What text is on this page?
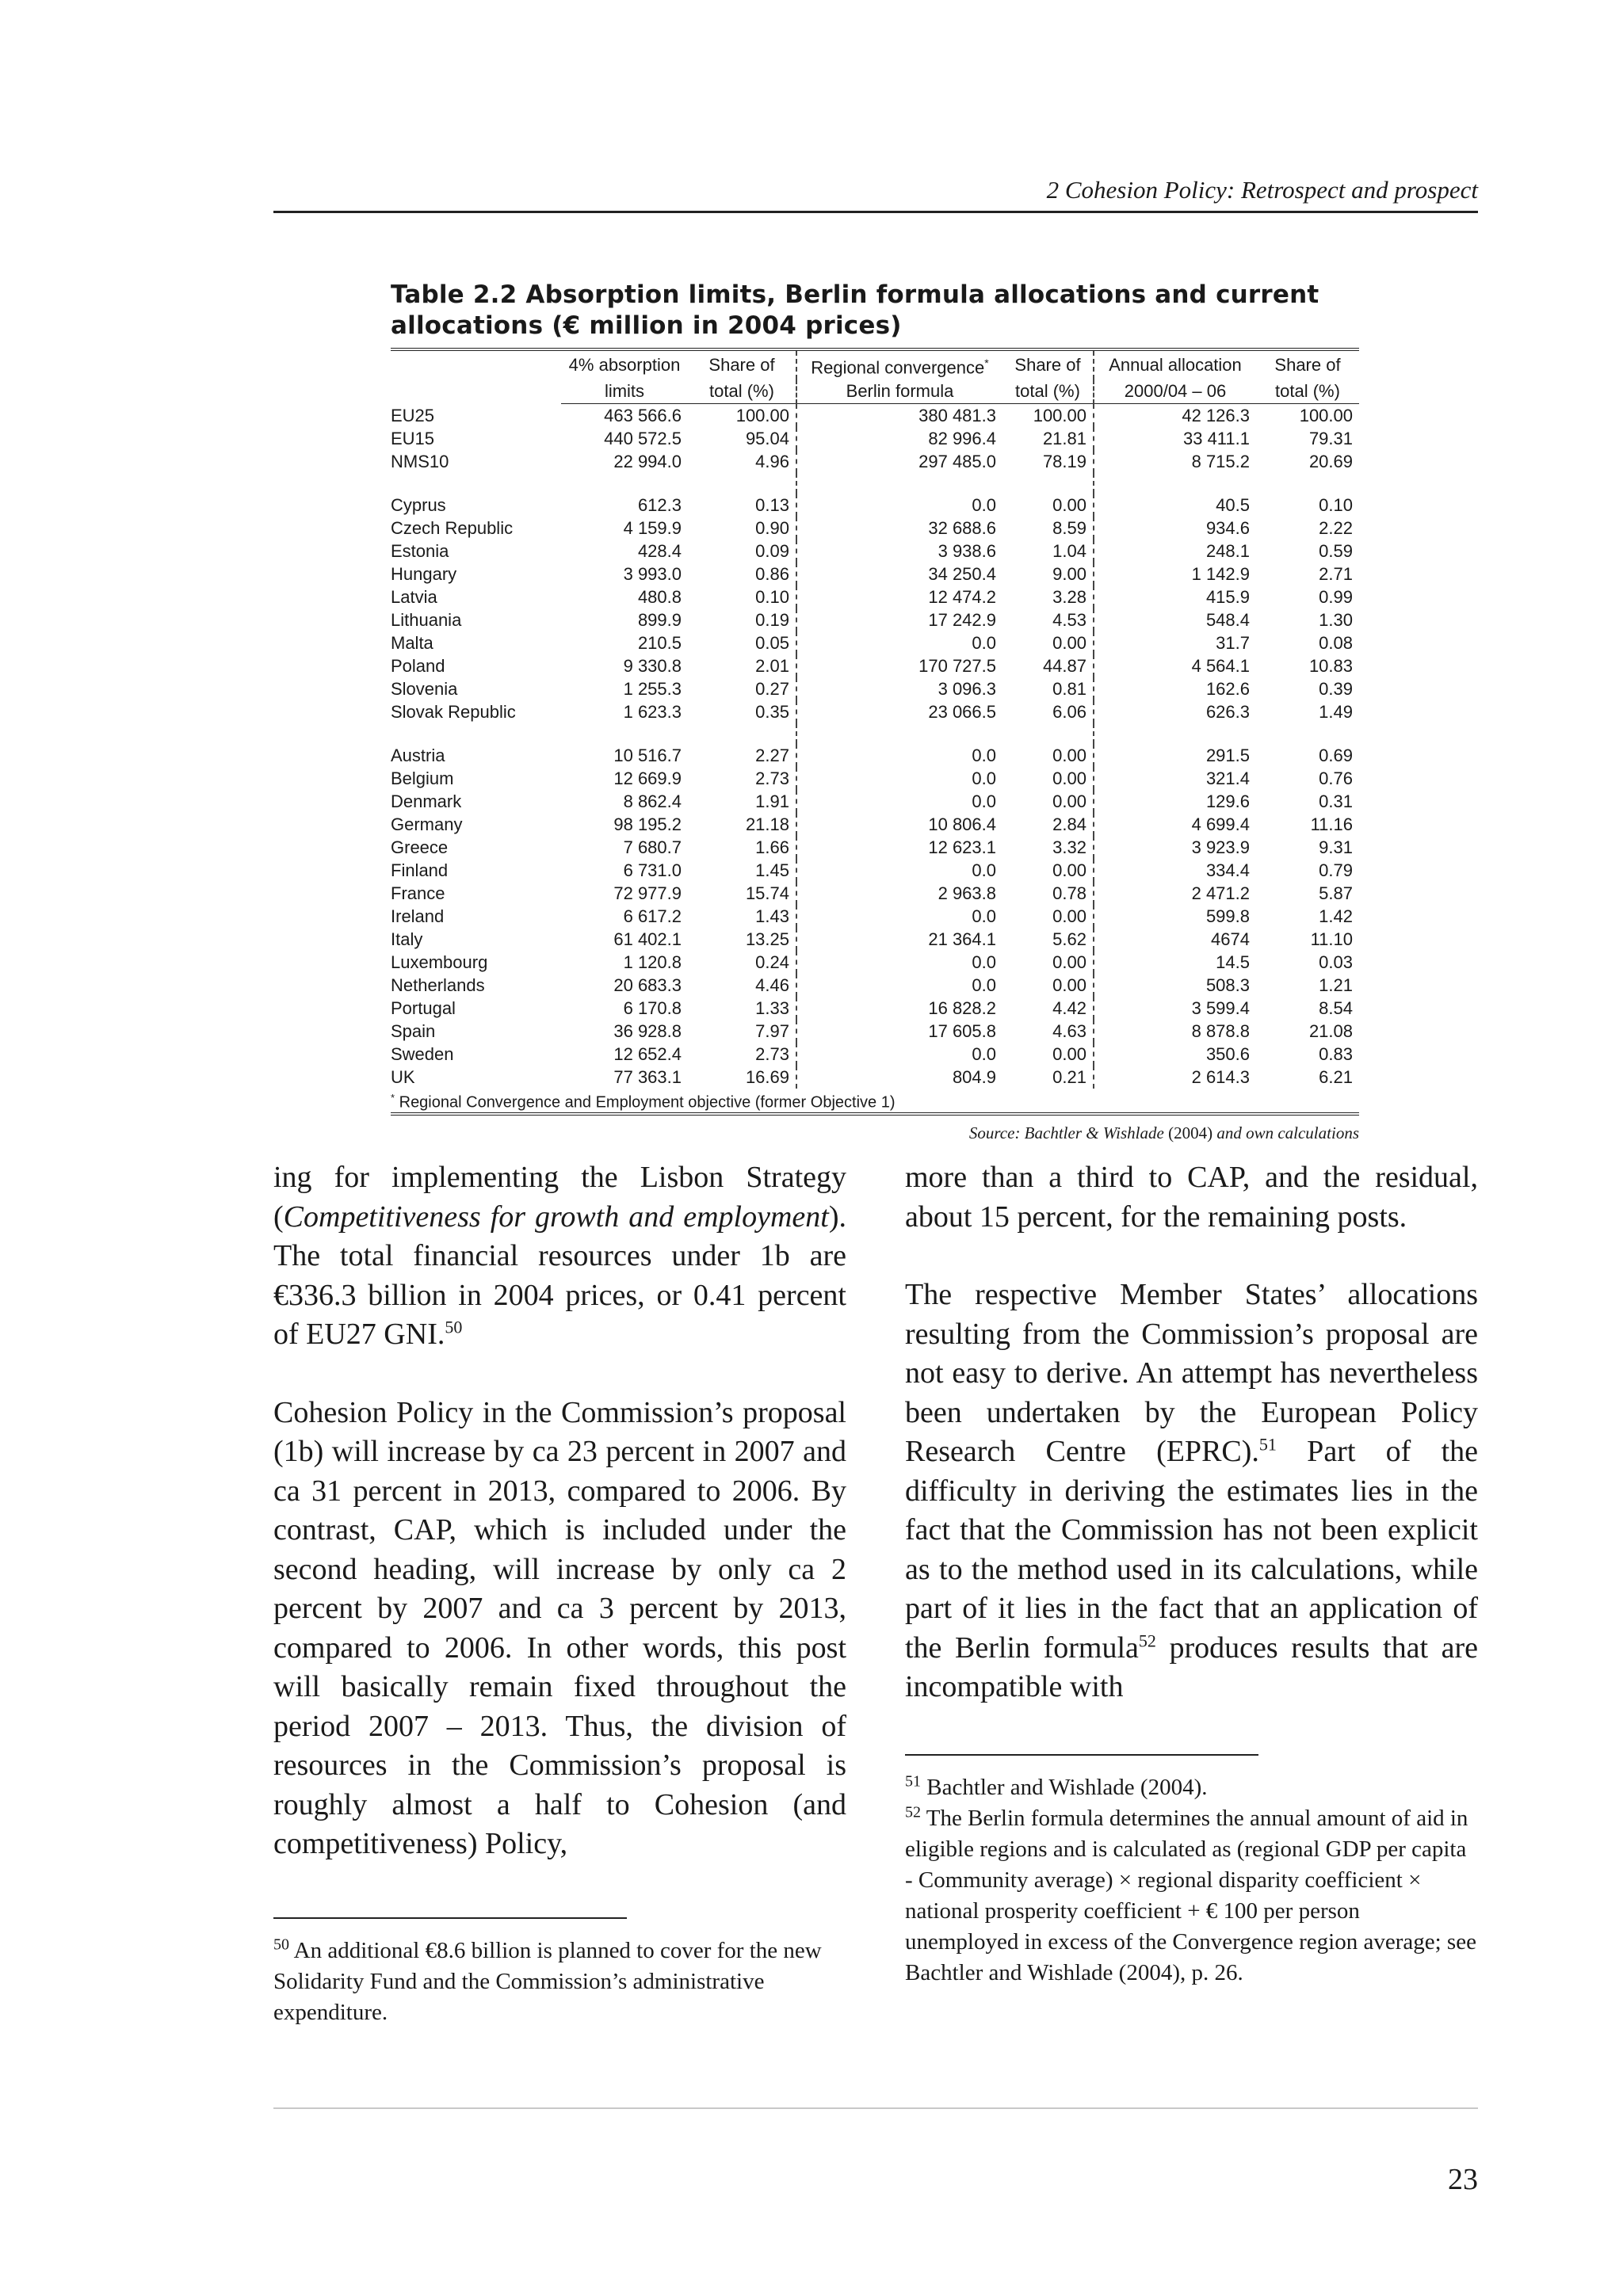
2 Cohesion Policy: Retrospect and prospect
Table 2.2 Absorption limits, Berlin formula allocations and current
allocations (€ million in 2004 prices)
	4% absorption	Share of	Regional convergence*	Share of	Annual allocation	Share of
	limits	total (%)	Berlin formula	total (%)	2000/04 – 06	total (%)
EU25	463 566.6	100.00	380 481.3	100.00	42 126.3	100.00
EU15	440 572.5	95.04	82 996.4	21.81	33 411.1	79.31
NMS10	22 994.0	4.96	297 485.0	78.19	8 715.2	20.69

Cyprus	612.3	0.13	0.0	0.00	40.5	0.10
Czech Republic	4 159.9	0.90	32 688.6	8.59	934.6	2.22
Estonia	428.4	0.09	3 938.6	1.04	248.1	0.59
Hungary	3 993.0	0.86	34 250.4	9.00	1 142.9	2.71
Latvia	480.8	0.10	12 474.2	3.28	415.9	0.99
Lithuania	899.9	0.19	17 242.9	4.53	548.4	1.30
Malta	210.5	0.05	0.0	0.00	31.7	0.08
Poland	9 330.8	2.01	170 727.5	44.87	4 564.1	10.83
Slovenia	1 255.3	0.27	3 096.3	0.81	162.6	0.39
Slovak Republic	1 623.3	0.35	23 066.5	6.06	626.3	1.49

Austria	10 516.7	2.27	0.0	0.00	291.5	0.69
Belgium	12 669.9	2.73	0.0	0.00	321.4	0.76
Denmark	8 862.4	1.91	0.0	0.00	129.6	0.31
Germany	98 195.2	21.18	10 806.4	2.84	4 699.4	11.16
Greece	7 680.7	1.66	12 623.1	3.32	3 923.9	9.31
Finland	6 731.0	1.45	0.0	0.00	334.4	0.79
France	72 977.9	15.74	2 963.8	0.78	2 471.2	5.87
Ireland	6 617.2	1.43	0.0	0.00	599.8	1.42
Italy	61 402.1	13.25	21 364.1	5.62	4674	11.10
Luxembourg	1 120.8	0.24	0.0	0.00	14.5	0.03
Netherlands	20 683.3	4.46	0.0	0.00	508.3	1.21
Portugal	6 170.8	1.33	16 828.2	4.42	3 599.4	8.54
Spain	36 928.8	7.97	17 605.8	4.63	8 878.8	21.08
Sweden	12 652.4	2.73	0.0	0.00	350.6	0.83
UK	77 363.1	16.69	804.9	0.21	2 614.3	6.21
* Regional Convergence and Employment objective (former Objective 1)						
Source: Bachtler & Wishlade (2004) and own calculations

ing for implementing the Lisbon Strategy (Competitiveness for growth and employment). The total financial resources under 1b are €336.3 billion in 2004 prices, or 0.41 percent of EU27 GNI.$^{50}$

Cohesion Policy in the Commission’s proposal (1b) will increase by ca 23 percent in 2007 and ca 31 percent in 2013, compared to 2006. By contrast, CAP, which is included under the second heading, will increase by only ca 2 percent by 2007 and ca 3 percent by 2013, compared to 2006. In other words, this post will basically remain fixed throughout the period 2007 – 2013. Thus, the division of resources in the Commission’s proposal is roughly almost a half to Cohesion (and competitiveness) Policy,

more than a third to CAP, and the residual, about 15 percent, for the remaining posts.

The respective Member States’ allocations resulting from the Commission’s proposal are not easy to derive. An attempt has nevertheless been undertaken by the European Policy Research Centre (EPRC).$^{51}$ Part of the difficulty in deriving the estimates lies in the fact that the Commission has not been explicit as to the method used in its calculations, while part of it lies in the fact that an application of the Berlin formula$^{52}$ produces results that are incompatible with

$^{50}$ An additional €8.6 billion is planned to cover for the new Solidarity Fund and the Commission’s administrative expenditure.

$^{51}$ Bachtler and Wishlade (2004).

$^{52}$ The Berlin formula determines the annual amount of aid in eligible regions and is calculated as (regional GDP per capita - Community average) × regional disparity coefficient × national prosperity coefficient + € 100 per person unemployed in excess of the Convergence region average; see Bachtler and Wishlade (2004), p. 26.

23
